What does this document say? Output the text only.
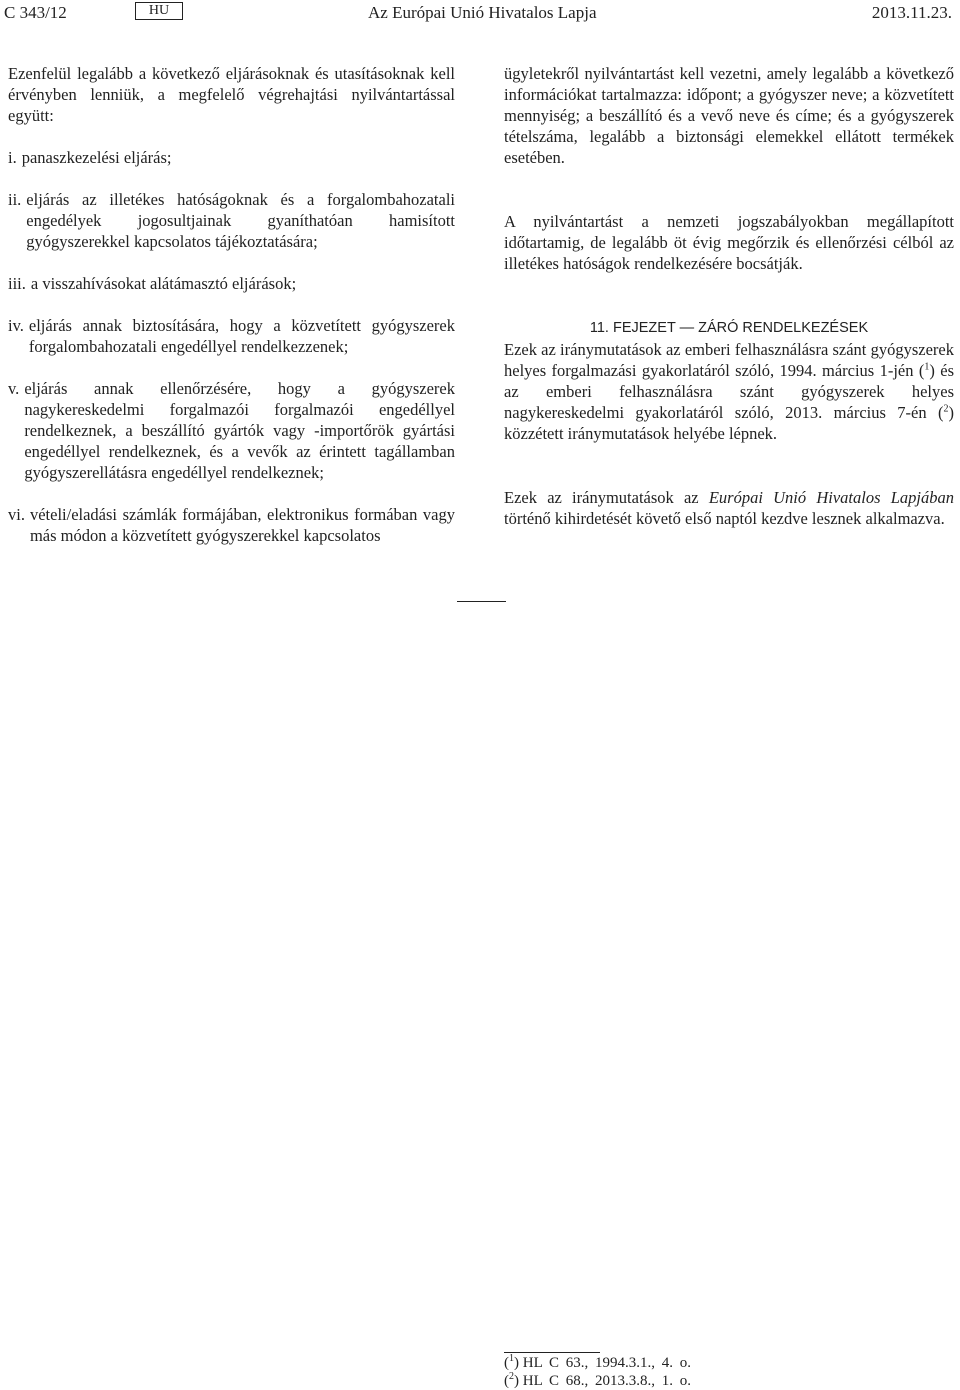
C 343/12	HU	Az Európai Unió Hivatalos Lapja	2013.11.23.

Ezenfelül legalább a következő eljárásoknak és utasításoknak kell érvényben lenniük, a megfelelő végrehajtási nyilvántartással együtt:

i. panaszkezelési eljárás;
ii. eljárás az illetékes hatóságoknak és a forgalombahozatali engedélyek jogosultjainak gyaníthatóan hamisított gyógyszerekkel kapcsolatos tájékoztatására;
iii. a visszahívásokat alátámasztó eljárások;
iv. eljárás annak biztosítására, hogy a közvetített gyógyszerek forgalombahozatali engedéllyel rendelkezzenek;
v. eljárás annak ellenőrzésére, hogy a gyógyszerek nagykereskedelmi forgalmazói forgalmazói engedéllyel rendelkeznek, a beszállító gyártók vagy -importőrök gyártási engedéllyel rendelkeznek, és a vevők az érintett tagállamban gyógyszerellátásra engedéllyel rendelkeznek;
vi. vételi/eladási számlák formájában, elektronikus formában vagy más módon a közvetített gyógyszerekkel kapcsolatos

ügyletekről nyilvántartást kell vezetni, amely legalább a következő információkat tartalmazza: időpont; a gyógyszer neve; a közvetített mennyiség; a beszállító és a vevő neve és címe; és a gyógyszerek tételszáma, legalább a biztonsági elemekkel ellátott termékek esetében.

A nyilvántartást a nemzeti jogszabályokban megállapított időtartamig, de legalább öt évig megőrzik és ellenőrzési célból az illetékes hatóságok rendelkezésére bocsátják.

11. FEJEZET — ZÁRÓ RENDELKEZÉSEK

Ezek az iránymutatások az emberi felhasználásra szánt gyógyszerek helyes forgalmazási gyakorlatáról szóló, 1994. március 1-jén ($^1$) és az emberi felhasználásra szánt gyógyszerek helyes nagykereskedelmi gyakorlatáról szóló, 2013. március 7-én ($^2$) közzétett iránymutatások helyébe lépnek.

Ezek az iránymutatások az Európai Unió Hivatalos Lapjában történő kihirdetését követő első naptól kezdve lesznek alkalmazva.

($^1$) HL C 63., 1994.3.1., 4. o.
($^2$) HL C 68., 2013.3.8., 1. o.
